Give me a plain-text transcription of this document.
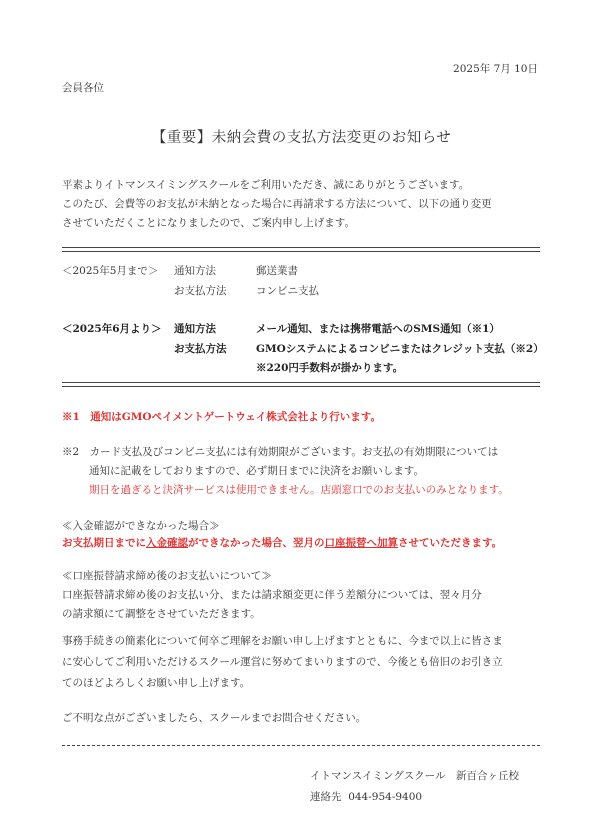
2025年 7月 10日
会員各位
【重要】未納会費の支払方法変更のお知らせ
平素よりイトマンスイミングスクールをご利用いただき、誠にありがとうございます。
このたび、会費等のお支払が未納となった場合に再請求する方法について、以下の通り変更
させていただくことになりましたので、ご案内申し上げます。
＜2025年5月まで＞ 通知方法	郵送業書
お支払方法	コンビニ支払
＜2025年6月より＞ 通知方法	メール通知、または携帯電話へのSMS通知（※1）
お支払方法	GMOシステムによるコンビニまたはクレジット支払（※2）
※220円手数料が掛かります。
※1　通知はGMOペイメントゲートウェイ株式会社より行います。
※2　カード支払及びコンビニ支払には有効期限がございます。お支払の有効期限については
通知に記載をしておりますので、必ず期日までに決済をお願いします。
期日を過ぎると決済サービスは使用できません。店頭窓口でのお支払いのみとなります。
≪入金確認ができなかった場合≫
お支払期日までに入金確認ができなかった場合、翌月の口座振替へ加算させていただきます。
≪口座振替請求締め後のお支払いについて≫
口座振替請求締め後のお支払い分、または請求額変更に伴う差額分については、翌々月分
の請求額にて調整をさせていただきます。
事務手続きの簡素化について何卒ご理解をお願い申し上げますとともに、今まで以上に皆さま
に安心してご利用いただけるスクール運営に努めてまいりますので、今後とも倍旧のお引き立
てのほどよろしくお願い申し上げます。
ご不明な点がございましたら、スクールまでお問合せください。
イトマンスイミングスクール　新百合ヶ丘校
連絡先 044-954-9400
